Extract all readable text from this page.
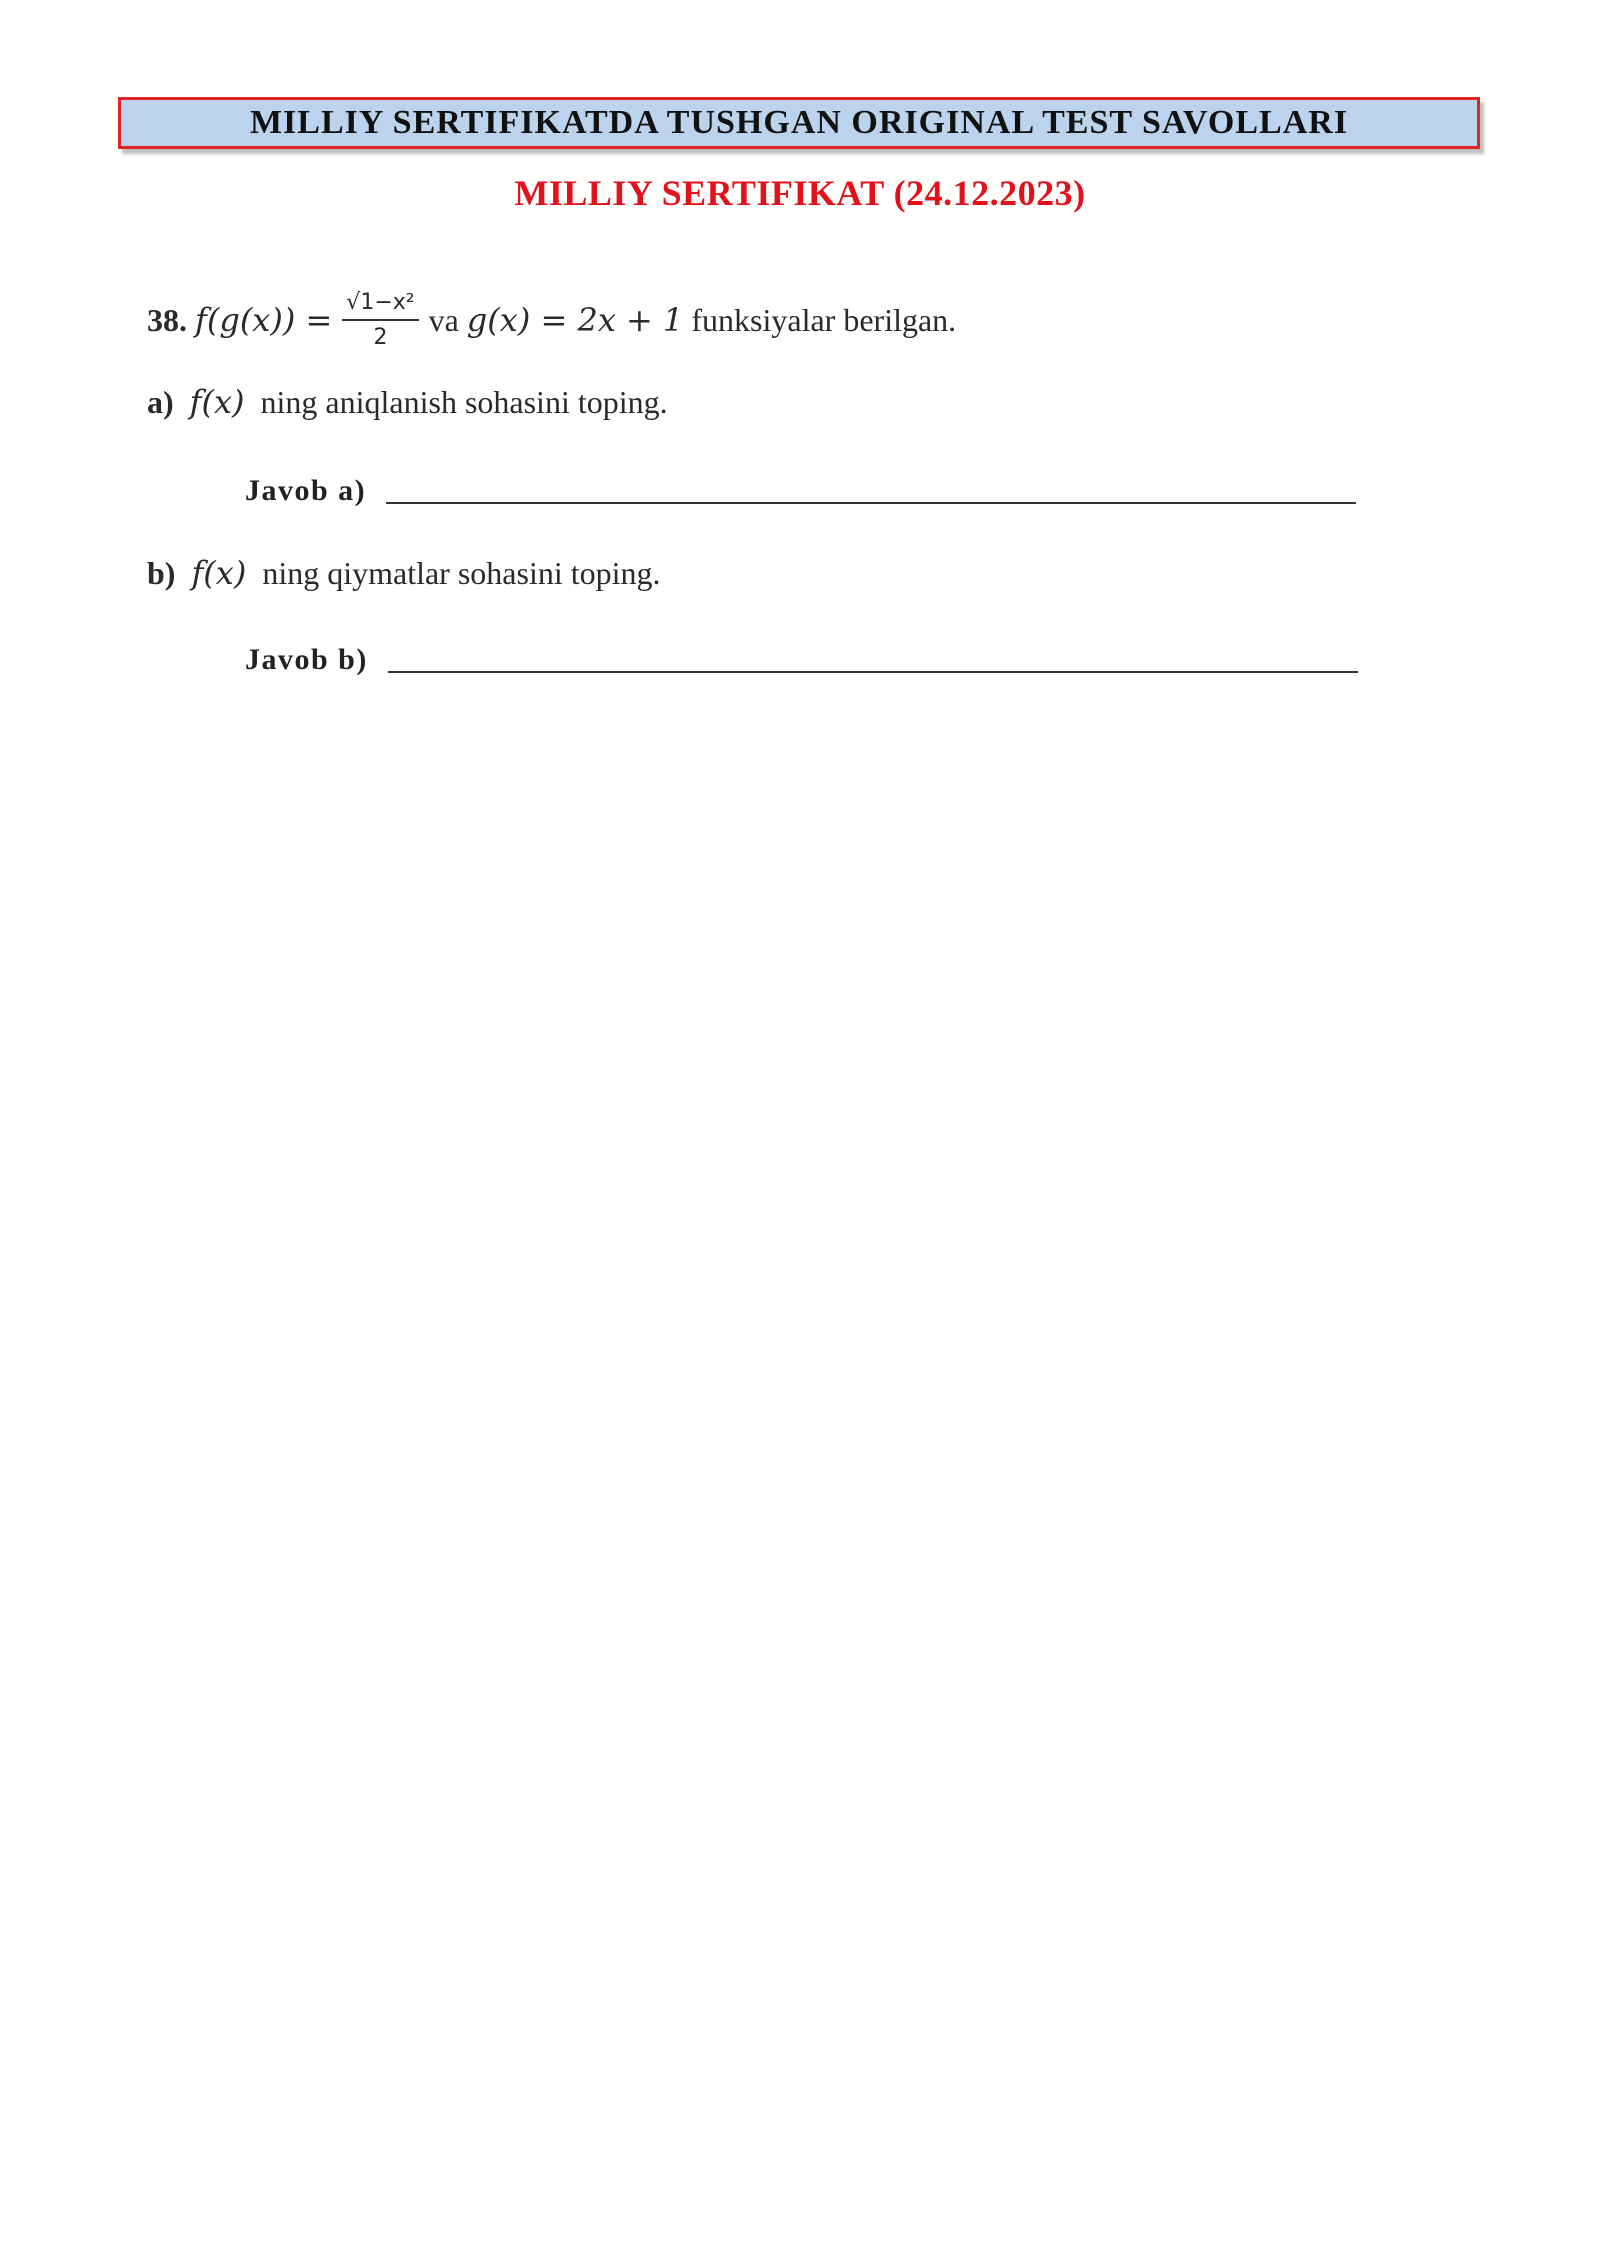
MILLIY SERTIFIKATDA TUSHGAN ORIGINAL TEST SAVOLLARI
MILLIY SERTIFIKAT (24.12.2023)
38. $f(g(x)) = \frac{\text{√1−x²}}{2}$ va
g(x) = 2x + 1
funksiyalar berilgan.
a) f(x) ning aniqlanish sohasini toping.
Javob a)
b) f(x) ning qiymatlar sohasini toping.
Javob b)
